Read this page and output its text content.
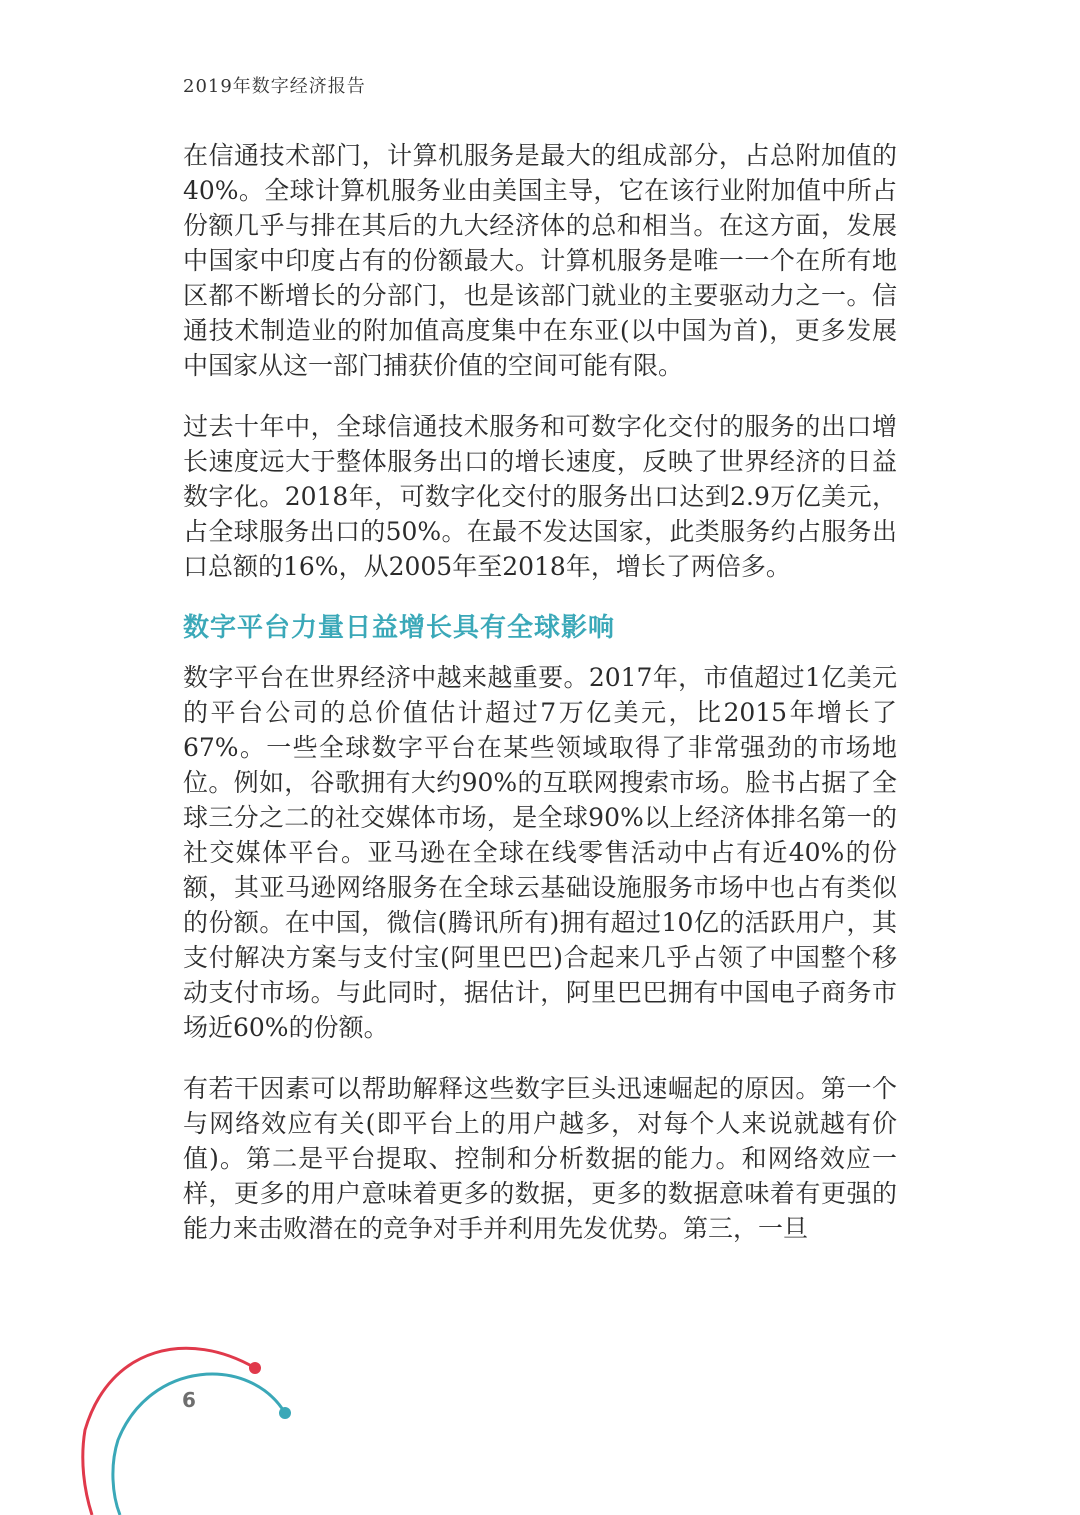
2019年数字经济报告

在信通技术部门，计算机服务是最大的组成部分，占总附加值的40%。全球计算机服务业由美国主导，它在该行业附加值中所占份额几乎与排在其后的九大经济体的总和相当。在这方面，发展中国家中印度占有的份额最大。计算机服务是唯一一个在所有地区都不断增长的分部门，也是该部门就业的主要驱动力之一。信通技术制造业的附加值高度集中在东亚(以中国为首)，更多发展中国家从这一部门捕获价值的空间可能有限。

过去十年中，全球信通技术服务和可数字化交付的服务的出口增长速度远大于整体服务出口的增长速度，反映了世界经济的日益数字化。2018年，可数字化交付的服务出口达到2.9万亿美元，占全球服务出口的50%。在最不发达国家，此类服务约占服务出口总额的16%，从2005年至2018年，增长了两倍多。

数字平台力量日益增长具有全球影响

数字平台在世界经济中越来越重要。2017年，市值超过1亿美元的平台公司的总价值估计超过7万亿美元，比2015年增长了67%。一些全球数字平台在某些领域取得了非常强劲的市场地位。例如，谷歌拥有大约90%的互联网搜索市场。脸书占据了全球三分之二的社交媒体市场，是全球90%以上经济体排名第一的社交媒体平台。亚马逊在全球在线零售活动中占有近40%的份额，其亚马逊网络服务在全球云基础设施服务市场中也占有类似的份额。在中国，微信(腾讯所有)拥有超过10亿的活跃用户，其支付解决方案与支付宝(阿里巴巴)合起来几乎占领了中国整个移动支付市场。与此同时，据估计，阿里巴巴拥有中国电子商务市场近60%的份额。

有若干因素可以帮助解释这些数字巨头迅速崛起的原因。第一个与网络效应有关(即平台上的用户越多，对每个人来说就越有价值)。第二是平台提取、控制和分析数据的能力。和网络效应一样，更多的用户意味着更多的数据，更多的数据意味着有更强的能力来击败潜在的竞争对手并利用先发优势。第三，一旦

6
